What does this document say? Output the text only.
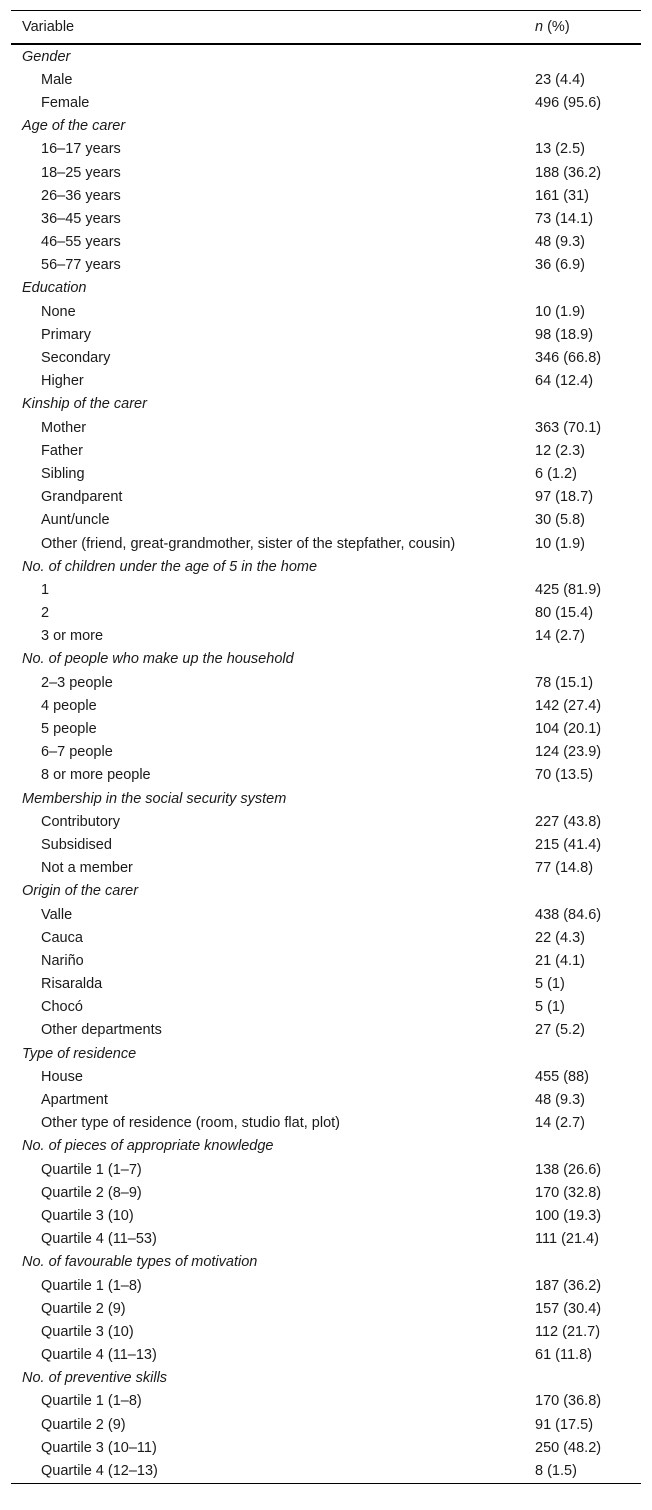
Variable	n (%)
Gender	
Male	23 (4.4)
Female	496 (95.6)
Age of the carer	
16–17 years	13 (2.5)
18–25 years	188 (36.2)
26–36 years	161 (31)
36–45 years	73 (14.1)
46–55 years	48 (9.3)
56–77 years	36 (6.9)
Education	
None	10 (1.9)
Primary	98 (18.9)
Secondary	346 (66.8)
Higher	64 (12.4)
Kinship of the carer	
Mother	363 (70.1)
Father	12 (2.3)
Sibling	6 (1.2)
Grandparent	97 (18.7)
Aunt/uncle	30 (5.8)
Other (friend, great-grandmother, sister of the stepfather, cousin)	10 (1.9)
No. of children under the age of 5 in the home	
1	425 (81.9)
2	80 (15.4)
3 or more	14 (2.7)
No. of people who make up the household	
2–3 people	78 (15.1)
4 people	142 (27.4)
5 people	104 (20.1)
6–7 people	124 (23.9)
8 or more people	70 (13.5)
Membership in the social security system	
Contributory	227 (43.8)
Subsidised	215 (41.4)
Not a member	77 (14.8)
Origin of the carer	
Valle	438 (84.6)
Cauca	22 (4.3)
Nariño	21 (4.1)
Risaralda	5 (1)
Chocó	5 (1)
Other departments	27 (5.2)
Type of residence	
House	455 (88)
Apartment	48 (9.3)
Other type of residence (room, studio flat, plot)	14 (2.7)
No. of pieces of appropriate knowledge	
Quartile 1 (1–7)	138 (26.6)
Quartile 2 (8–9)	170 (32.8)
Quartile 3 (10)	100 (19.3)
Quartile 4 (11–53)	111 (21.4)
No. of favourable types of motivation	
Quartile 1 (1–8)	187 (36.2)
Quartile 2 (9)	157 (30.4)
Quartile 3 (10)	112 (21.7)
Quartile 4 (11–13)	61 (11.8)
No. of preventive skills	
Quartile 1 (1–8)	170 (36.8)
Quartile 2 (9)	91 (17.5)
Quartile 3 (10–11)	250 (48.2)
Quartile 4 (12–13)	8 (1.5)
